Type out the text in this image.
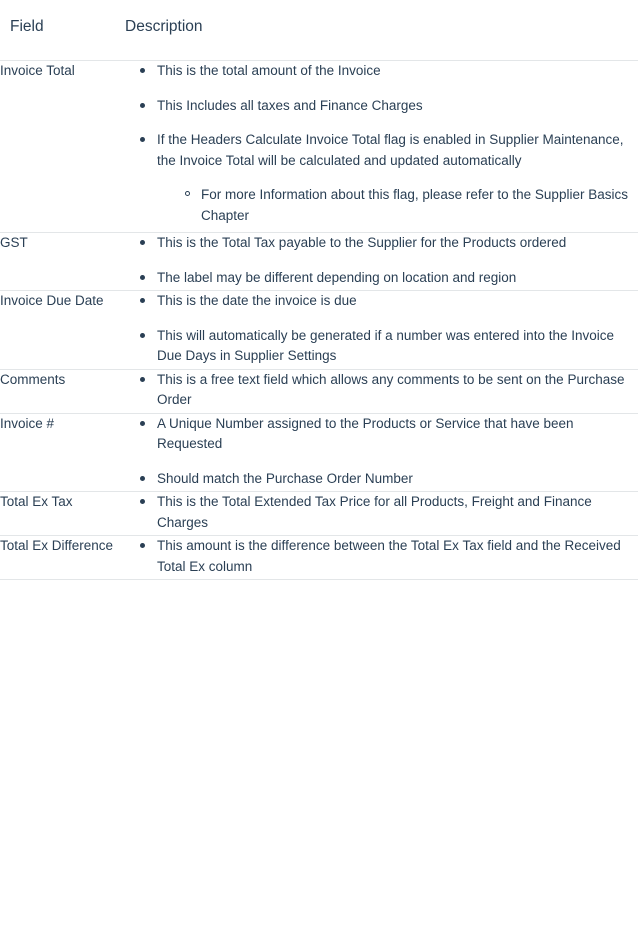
Field	Description
Invoice Total	This is the total amount of the Invoice
This Includes all taxes and Finance Charges
If the Headers Calculate Invoice Total flag is enabled in Supplier Maintenance, the Invoice Total will be calculated and updated automatically
For more Information about this flag, please refer to the Supplier Basics Chapter

GST	This is the Total Tax payable to the Supplier for the Products ordered
The label may be different depending on location and region

Invoice Due Date	This is the date the invoice is due
This will automatically be generated if a number was entered into the Invoice Due Days in Supplier Settings

Comments	This is a free text field which allows any comments to be sent on the Purchase Order

Invoice #	A Unique Number assigned to the Products or Service that have been Requested
Should match the Purchase Order Number

Total Ex Tax	This is the Total Extended Tax Price for all Products, Freight and Finance Charges

Total Ex Difference	This amount is the difference between the Total Ex Tax field and the Received Total Ex column
